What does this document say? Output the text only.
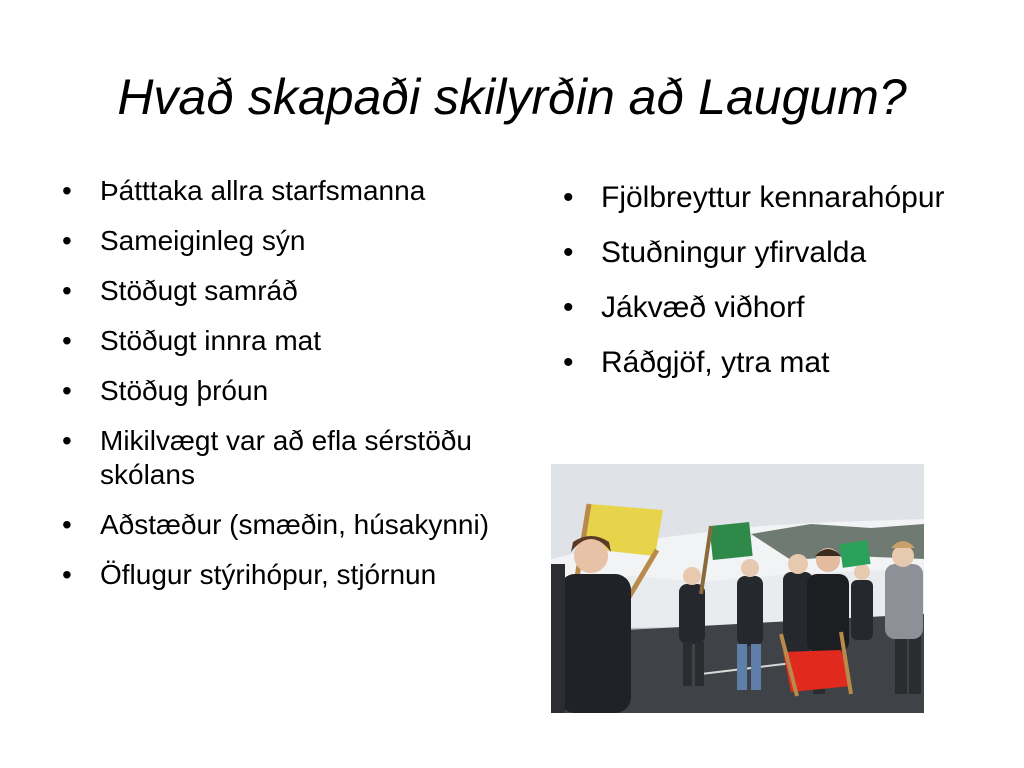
Hvað skapaði skilyrðin að Laugum?
• Þátttaka allra starfsmanna
• Sameiginleg sýn
• Stöðugt samráð
• Stöðugt innra mat
• Stöðug þróun
• Mikilvægt var að efla sérstöðu skólans
• Aðstæður (smæðin, húsakynni)
• Öflugur stýrihópur, stjórnun
• Fjölbreyttur kennarahópur
• Stuðningur yfirvalda
• Jákvæð viðhorf
• Ráðgjöf, ytra mat
